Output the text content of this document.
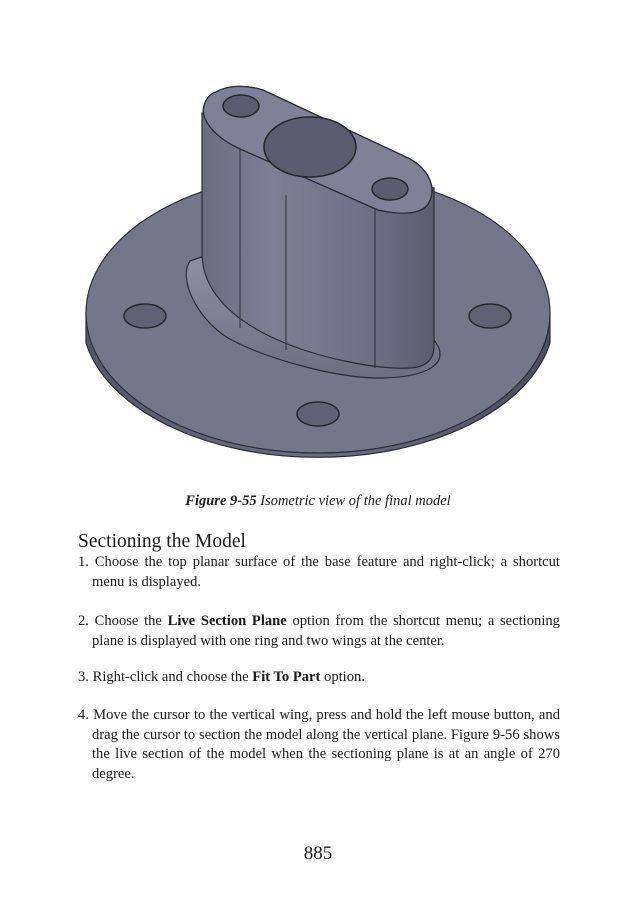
Figure 9-55 Isometric view of the final model
Sectioning the Model
1. Choose the top planar surface of the base feature and right-click; a shortcut menu is displayed.
2. Choose the Live Section Plane option from the shortcut menu; a sectioning plane is displayed with one ring and two wings at the center.
3. Right-click and choose the Fit To Part option.
4. Move the cursor to the vertical wing, press and hold the left mouse button, and drag the cursor to section the model along the vertical plane. Figure 9-56 shows the live section of the model when the sectioning plane is at an angle of 270 degree.
885
